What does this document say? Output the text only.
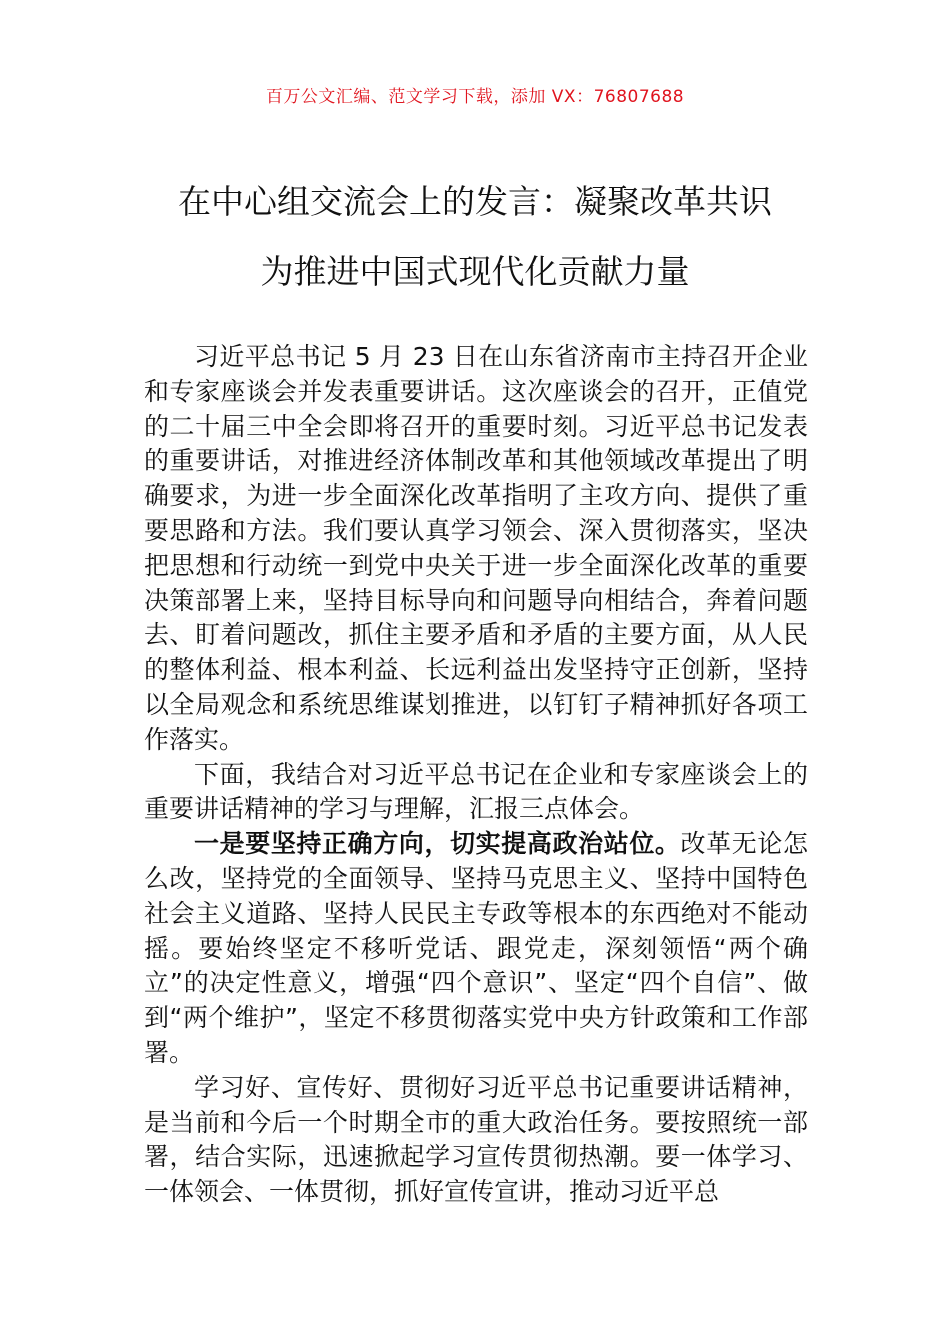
百万公文汇编、范文学习下载，添加 VX：76807688
在中心组交流会上的发言：凝聚改革共识
为推进中国式现代化贡献力量

习近平总书记 5 月 23 日在山东省济南市主持召开企业和专家座谈会并发表重要讲话。这次座谈会的召开，正值党的二十届三中全会即将召开的重要时刻。习近平总书记发表的重要讲话，对推进经济体制改革和其他领域改革提出了明确要求，为进一步全面深化改革指明了主攻方向、提供了重要思路和方法。我们要认真学习领会、深入贯彻落实，坚决把思想和行动统一到党中央关于进一步全面深化改革的重要决策部署上来，坚持目标导向和问题导向相结合，奔着问题去、盯着问题改，抓住主要矛盾和矛盾的主要方面，从人民的整体利益、根本利益、长远利益出发坚持守正创新，坚持以全局观念和系统思维谋划推进，以钉钉子精神抓好各项工作落实。

下面，我结合对习近平总书记在企业和专家座谈会上的重要讲话精神的学习与理解，汇报三点体会。

一是要坚持正确方向，切实提高政治站位。改革无论怎么改，坚持党的全面领导、坚持马克思主义、坚持中国特色社会主义道路、坚持人民民主专政等根本的东西绝对不能动摇。要始终坚定不移听党话、跟党走，深刻领悟“两个确立”的决定性意义，增强“四个意识”、坚定“四个自信”、做到“两个维护”，坚定不移贯彻落实党中央方针政策和工作部署。

学习好、宣传好、贯彻好习近平总书记重要讲话精神，是当前和今后一个时期全市的重大政治任务。要按照统一部署，结合实际，迅速掀起学习宣传贯彻热潮。要一体学习、一体领会、一体贯彻，抓好宣传宣讲，推动习近平总
